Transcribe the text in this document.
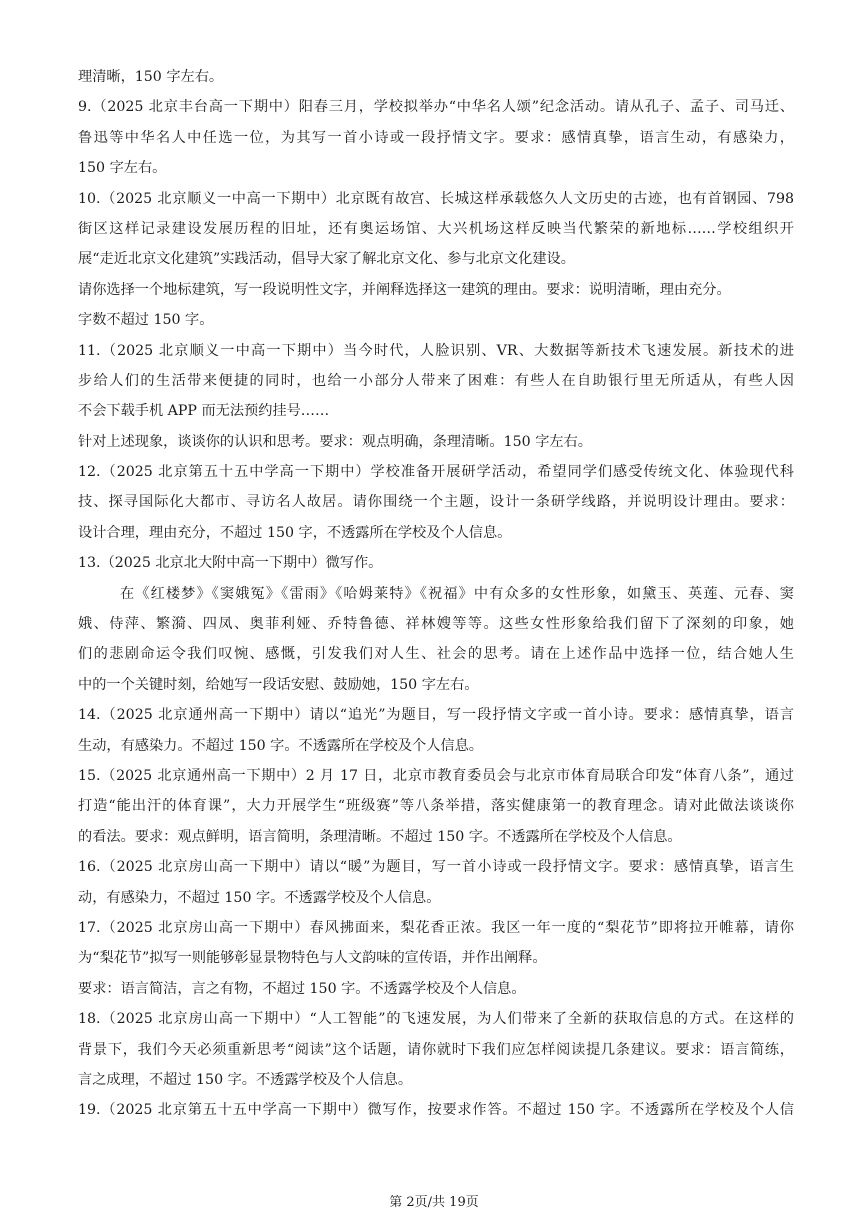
理清晰，150 字左右。
9.（2025 北京丰台高一下期中）阳春三月，学校拟举办“中华名人颂”纪念活动。请从孔子、孟子、司马迁、
鲁迅等中华名人中任选一位，为其写一首小诗或一段抒情文字。要求：感情真挚，语言生动，有感染力，
150 字左右。
10.（2025 北京顺义一中高一下期中）北京既有故宫、长城这样承载悠久人文历史的古迹，也有首钢园、798
街区这样记录建设发展历程的旧址，还有奥运场馆、大兴机场这样反映当代繁荣的新地标……学校组织开
展“走近北京文化建筑”实践活动，倡导大家了解北京文化、参与北京文化建设。
请你选择一个地标建筑，写一段说明性文字，并阐释选择这一建筑的理由。要求：说明清晰，理由充分。
字数不超过 150 字。
11.（2025 北京顺义一中高一下期中）当今时代，人脸识别、VR、大数据等新技术飞速发展。新技术的进
步给人们的生活带来便捷的同时，也给一小部分人带来了困难：有些人在自助银行里无所适从，有些人因
不会下载手机 APP 而无法预约挂号……
针对上述现象，谈谈你的认识和思考。要求：观点明确，条理清晰。150 字左右。
12.（2025 北京第五十五中学高一下期中）学校准备开展研学活动，希望同学们感受传统文化、体验现代科
技、探寻国际化大都市、寻访名人故居。请你围绕一个主题，设计一条研学线路，并说明设计理由。要求：
设计合理，理由充分，不超过 150 字，不透露所在学校及个人信息。
13.（2025 北京北大附中高一下期中）微写作。
在《红楼梦》《窦娥冤》《雷雨》《哈姆莱特》《祝福》中有众多的女性形象，如黛玉、英莲、元春、窦
娥、侍萍、繁漪、四凤、奥菲利娅、乔特鲁德、祥林嫂等等。这些女性形象给我们留下了深刻的印象，她
们的悲剧命运令我们叹惋、感慨，引发我们对人生、社会的思考。请在上述作品中选择一位，结合她人生
中的一个关键时刻，给她写一段话安慰、鼓励她，150 字左右。
14.（2025 北京通州高一下期中）请以“追光”为题目，写一段抒情文字或一首小诗。要求：感情真挚，语言
生动，有感染力。不超过 150 字。不透露所在学校及个人信息。
15.（2025 北京通州高一下期中）2 月 17 日，北京市教育委员会与北京市体育局联合印发“体育八条”，通过
打造“能出汗的体育课”，大力开展学生“班级赛”等八条举措，落实健康第一的教育理念。请对此做法谈谈你
的看法。要求：观点鲜明，语言简明，条理清晰。不超过 150 字。不透露所在学校及个人信息。
16.（2025 北京房山高一下期中）请以“暖”为题目，写一首小诗或一段抒情文字。要求：感情真挚，语言生
动，有感染力，不超过 150 字。不透露学校及个人信息。
17.（2025 北京房山高一下期中）春风拂面来，梨花香正浓。我区一年一度的“梨花节”即将拉开帷幕，请你
为“梨花节”拟写一则能够彰显景物特色与人文韵味的宣传语，并作出阐释。
要求：语言简洁，言之有物，不超过 150 字。不透露学校及个人信息。
18.（2025 北京房山高一下期中）“人工智能”的飞速发展，为人们带来了全新的获取信息的方式。在这样的
背景下，我们今天必须重新思考“阅读”这个话题，请你就时下我们应怎样阅读提几条建议。要求：语言简练，
言之成理，不超过 150 字。不透露学校及个人信息。
19.（2025 北京第五十五中学高一下期中）微写作，按要求作答。不超过 150 字。不透露所在学校及个人信
第 2页/共 19页
